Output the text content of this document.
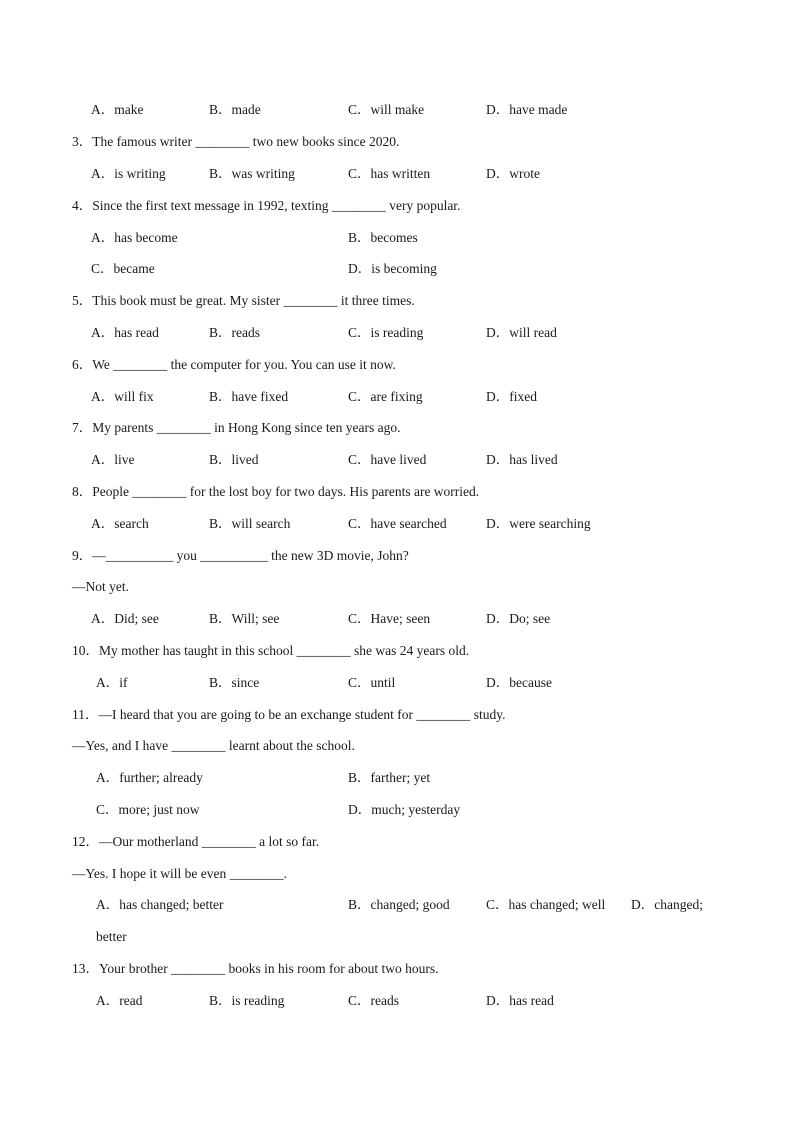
A．make	B．made	C．will make	D．have made
3．The famous writer ________ two new books since 2020.
A．is writing	B．was writing	C．has written	D．wrote
4．Since the first text message in 1992, texting ________ very popular.
A．has become	B．becomes
C．became	D．is becoming
5．This book must be great. My sister ________ it three times.
A．has read	B．reads	C．is reading	D．will read
6．We ________ the computer for you. You can use it now.
A．will fix	B．have fixed	C．are fixing	D．fixed
7．My parents ________ in Hong Kong since ten years ago.
A．live	B．lived	C．have lived	D．has lived
8．People ________ for the lost boy for two days. His parents are worried.
A．search	B．will search	C．have searched	D．were searching
9．—__________ you __________ the new 3D movie, John?
—Not yet.
A．Did; see	B．Will; see	C．Have; seen	D．Do; see
10．My mother has taught in this school ________ she was 24 years old.
A．if	B．since	C．until	D．because
11．—I heard that you are going to be an exchange student for ________ study.
—Yes, and I have ________ learnt about the school.
A．further; already	B．farther; yet
C．more; just now	D．much; yesterday
12．—Our motherland ________ a lot so far.
—Yes. I hope it will be even ________.
A．has changed; better	B．changed; good	C．has changed; well D．changed;
better
13．Your brother ________ books in his room for about two hours.
A．read	B．is reading	C．reads	D．has read
